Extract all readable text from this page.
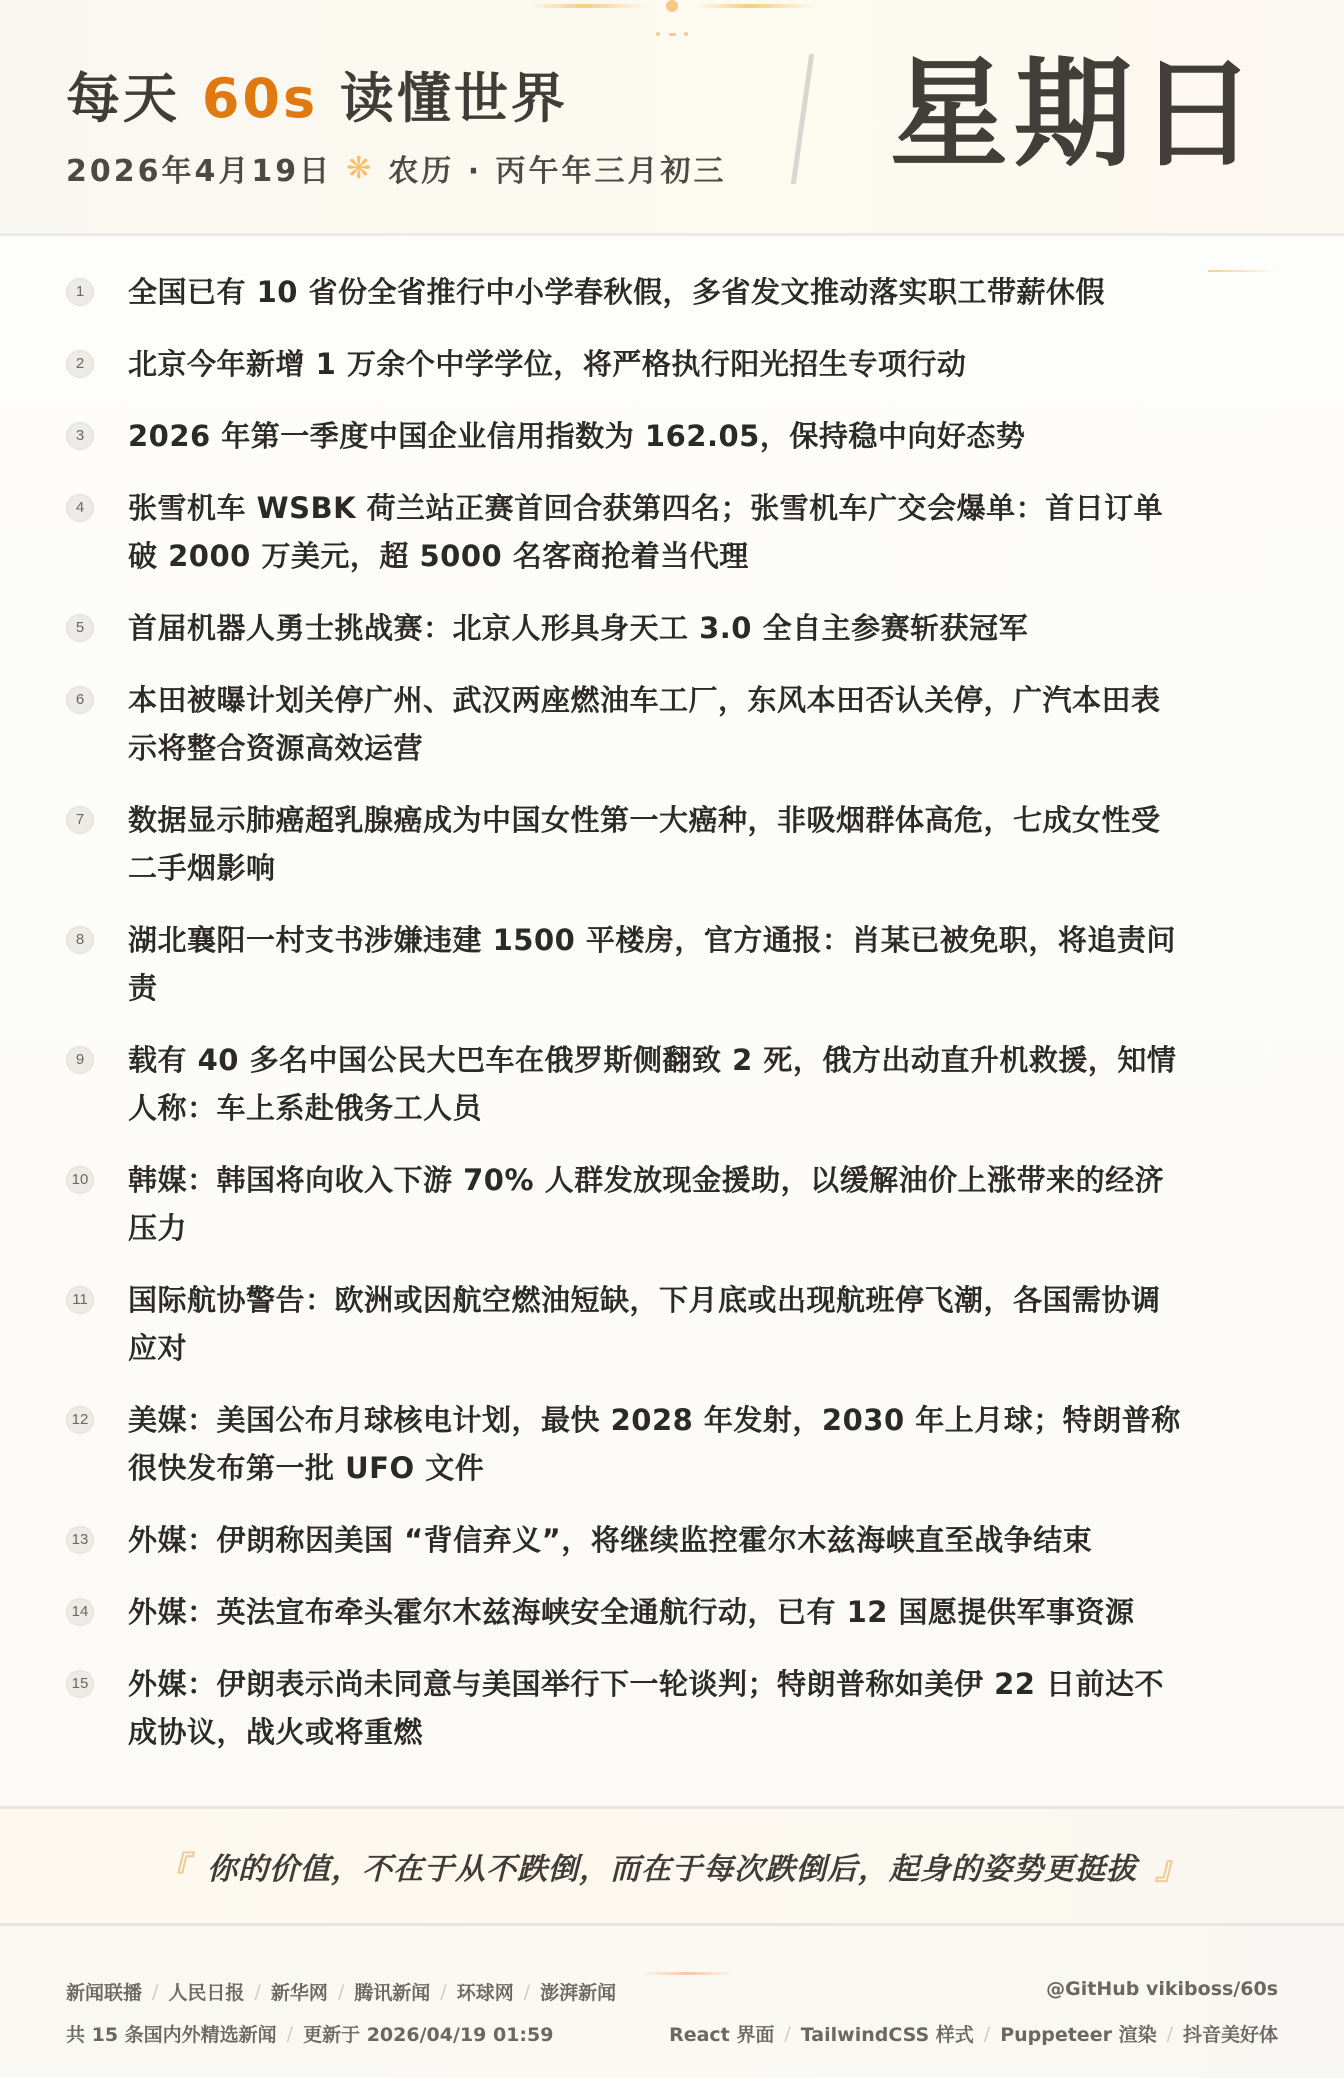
每天 60s 读懂世界
2026年4月19日 ❋ 农历 · 丙午年三月初三 星期日
1	全国已有 10 省份全省推行中小学春秋假，多省发文推动落实职工带薪休假
2	北京今年新增 1 万余个中学学位，将严格执行阳光招生专项行动
3	2026 年第一季度中国企业信用指数为 162.05，保持稳中向好态势
4	张雪机车 WSBK 荷兰站正赛首回合获第四名；张雪机车广交会爆单：首日订单
破 2000 万美元，超 5000 名客商抢着当代理
5	首届机器人勇士挑战赛：北京人形具身天工 3.0 全自主参赛斩获冠军
6	本田被曝计划关停广州、武汉两座燃油车工厂，东风本田否认关停，广汽本田表
示将整合资源高效运营
7	数据显示肺癌超乳腺癌成为中国女性第一大癌种，非吸烟群体高危，七成女性受
二手烟影响
8	湖北襄阳一村支书涉嫌违建 1500 平楼房，官方通报：肖某已被免职，将追责问
责
9	载有 40 多名中国公民大巴车在俄罗斯侧翻致 2 死，俄方出动直升机救援，知情
人称：车上系赴俄务工人员
10 韩媒：韩国将向收入下游 70% 人群发放现金援助，以缓解油价上涨带来的经济
压力
11 国际航协警告：欧洲或因航空燃油短缺，下月底或出现航班停飞潮，各国需协调
应对
12 美媒：美国公布月球核电计划，最快 2028 年发射，2030 年上月球；特朗普称
很快发布第一批 UFO 文件
13 外媒：伊朗称因美国 “背信弃义”，将继续监控霍尔木兹海峡直至战争结束
14 外媒：英法宣布牵头霍尔木兹海峡安全通航行动，已有 12 国愿提供军事资源
15 外媒：伊朗表示尚未同意与美国举行下一轮谈判；特朗普称如美伊 22 日前达不
成协议，战火或将重燃
『 你的价值，不在于从不跌倒，而在于每次跌倒后，起身的姿势更挺拔 』
新闻联播 / 人民日报 / 新华网 / 腾讯新闻 / 环球网 / 澎湃新闻
共 15 条国内外精选新闻 / 更新于 2026/04/19 01:59
@GitHub vikiboss/60s
React 界面 / TailwindCSS 样式 / Puppeteer 渲染 / 抖音美好体
